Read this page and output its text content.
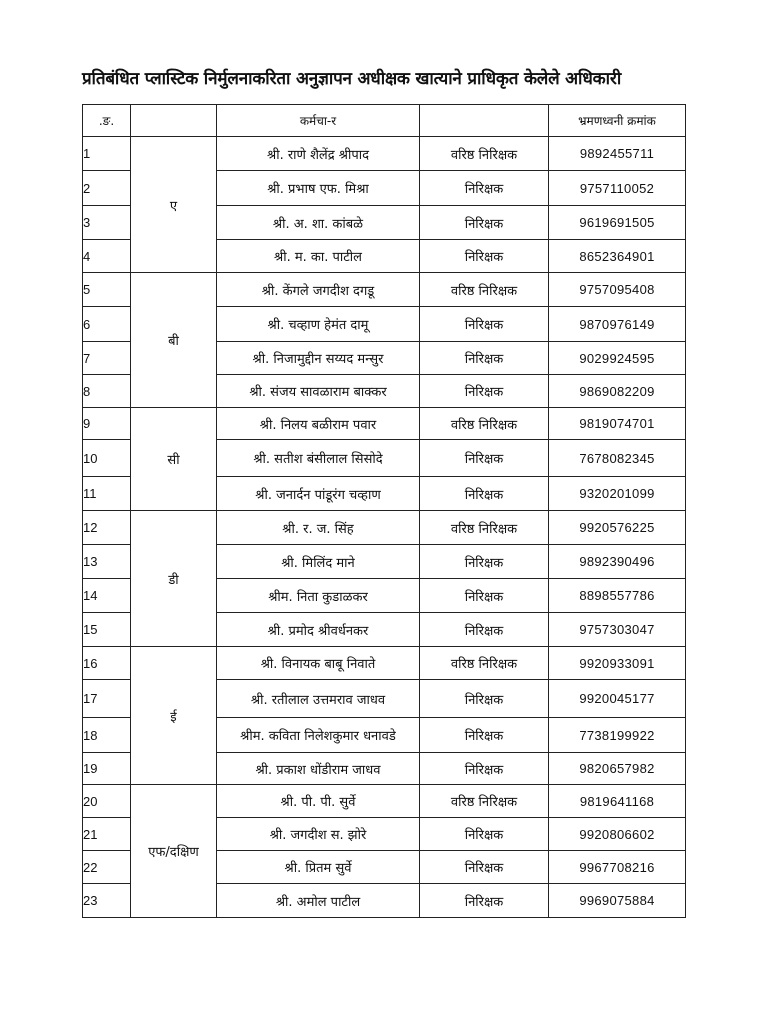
प्रतिबंधित प्लास्टिक निर्मुलनाकरिता अनुज्ञापन अधीक्षक खात्याने प्राधिकृत केलेले अधिकारी
.ङ.		कर्मचा-र		भ्रमणध्वनी क्रमांक
1	ए	श्री. राणे शैलेंद्र श्रीपाद	वरिष्ठ निरिक्षक	9892455711
2		श्री. प्रभाष एफ. मिश्रा	निरिक्षक	9757110052
3		श्री. अ. शा. कांबळे	निरिक्षक	9619691505
4		श्री. म. का. पाटील	निरिक्षक	8652364901
5	बी	श्री. केंगले जगदीश दगडू	वरिष्ठ निरिक्षक	9757095408
6		श्री. चव्हाण हेमंत दामू	निरिक्षक	9870976149
7		श्री. निजामुद्दीन सय्यद मन्सुर	निरिक्षक	9029924595
8		श्री. संजय सावळाराम बाक्कर	निरिक्षक	9869082209
9	सी	श्री. निलय बळीराम पवार	वरिष्ठ निरिक्षक	9819074701
10		श्री. सतीश बंसीलाल सिसोदे	निरिक्षक	7678082345
11		श्री. जनार्दन पांडूरंग चव्हाण	निरिक्षक	9320201099
12	डी	श्री. र. ज. सिंह	वरिष्ठ निरिक्षक	9920576225
13		श्री. मिलिंद माने	निरिक्षक	9892390496
14		श्रीम. निता कुडाळकर	निरिक्षक	8898557786
15		श्री. प्रमोद श्रीवर्धनकर	निरिक्षक	9757303047
16	ई	श्री. विनायक बाबू निवाते	वरिष्ठ निरिक्षक	9920933091
17		श्री. रतीलाल उत्तमराव जाधव	निरिक्षक	9920045177
18		श्रीम. कविता निलेशकुमार धनावडे	निरिक्षक	7738199922
19		श्री. प्रकाश धोंडीराम जाधव	निरिक्षक	9820657982
20	एफ/दक्षिण	श्री. पी. पी. सुर्वे	वरिष्ठ निरिक्षक	9819641168
21		श्री. जगदीश स. झोरे	निरिक्षक	9920806602
22		श्री. प्रितम सुर्वे	निरिक्षक	9967708216
23		श्री. अमोल पाटील	निरिक्षक	9969075884
